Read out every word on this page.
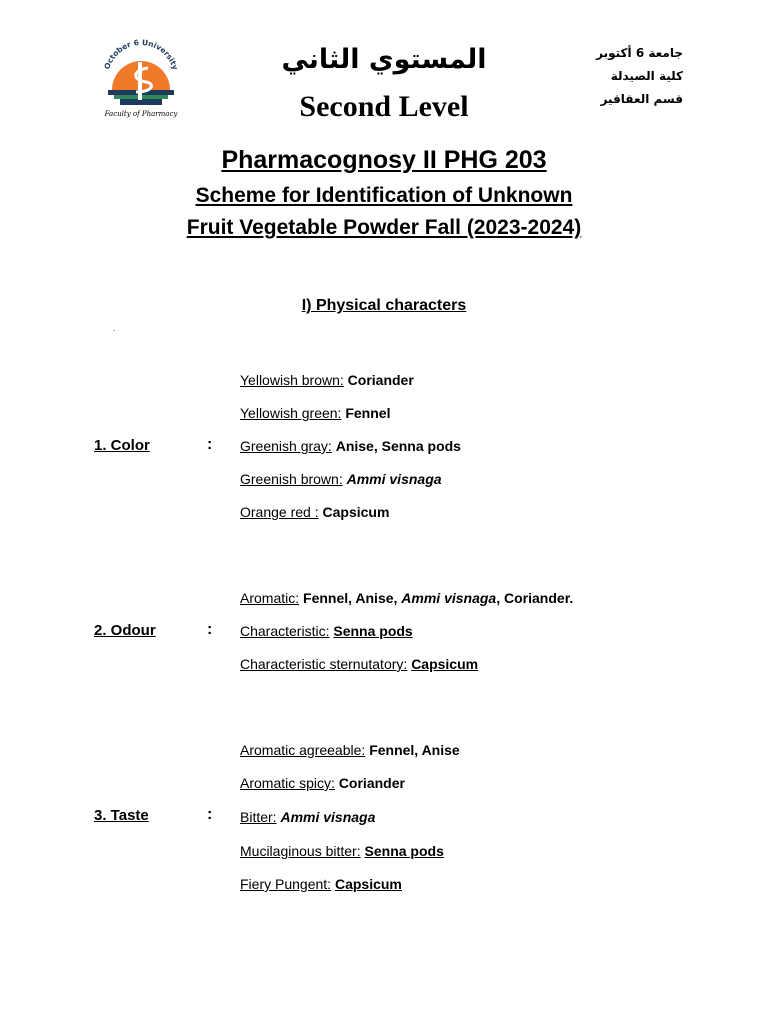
October 6 University
Faculty of Pharmacy
المستوي الثاني
Second Level
جامعة 6 أكتوبر
كلية الصيدلة
قسم العقاقير
Pharmacognosy II PHG 203
Scheme for Identification of Unknown
Fruit Vegetable Powder Fall (2023-2024)
I) Physical characters
.
1. Color	:
Yellowish brown: Coriander
Yellowish green: Fennel
Greenish gray: Anise, Senna pods
Greenish brown: Ammi visnaga
Orange red : Capsicum
2. Odour	:
Aromatic: Fennel, Anise, Ammi visnaga, Coriander.
Characteristic: Senna pods
Characteristic sternutatory: Capsicum
3. Taste	:
Aromatic agreeable: Fennel, Anise
Aromatic spicy: Coriander
Bitter: Ammi visnaga
Mucilaginous bitter: Senna pods
Fiery Pungent: Capsicum
